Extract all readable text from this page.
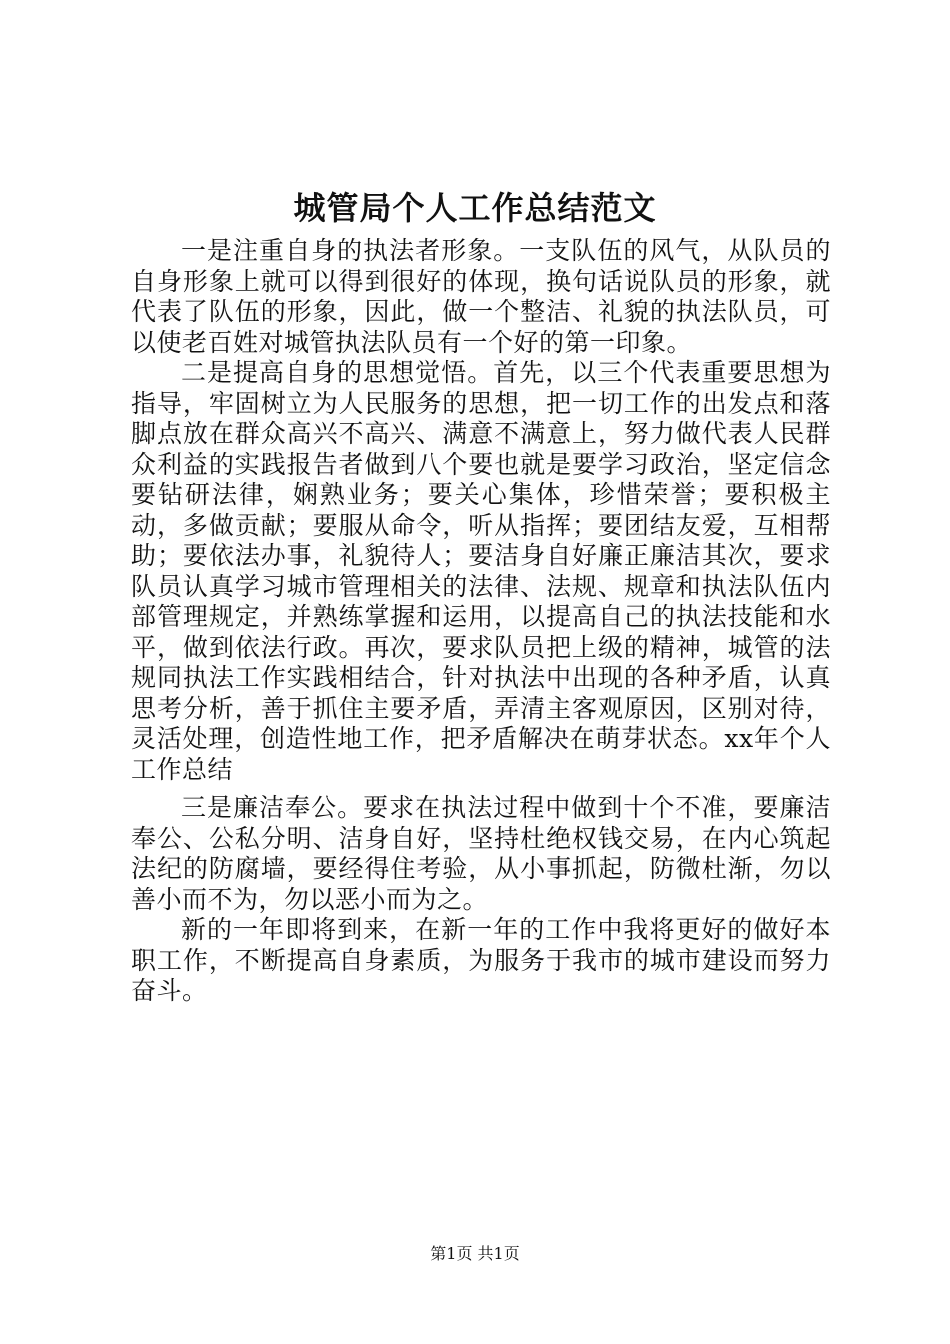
城管局个人工作总结范文

一是注重自身的执法者形象。一支队伍的风气，从队员的自身形象上就可以得到很好的体现，换句话说队员的形象，就代表了队伍的形象，因此，做一个整洁、礼貌的执法队员，可以使老百姓对城管执法队员有一个好的第一印象。

二是提高自身的思想觉悟。首先，以三个代表重要思想为指导，牢固树立为人民服务的思想，把一切工作的出发点和落脚点放在群众高兴不高兴、满意不满意上，努力做代表人民群众利益的实践报告者做到八个要也就是要学习政治，坚定信念要钻研法律，娴熟业务；要关心集体，珍惜荣誉；要积极主动，多做贡献；要服从命令，听从指挥；要团结友爱，互相帮助；要依法办事，礼貌待人；要洁身自好廉正廉洁其次，要求队员认真学习城市管理相关的法律、法规、规章和执法队伍内部管理规定，并熟练掌握和运用，以提高自己的执法技能和水平，做到依法行政。再次，要求队员把上级的精神，城管的法规同执法工作实践相结合，针对执法中出现的各种矛盾，认真思考分析，善于抓住主要矛盾，弄清主客观原因，区别对待，灵活处理，创造性地工作，把矛盾解决在萌芽状态。xx年个人工作总结

三是廉洁奉公。要求在执法过程中做到十个不准，要廉洁奉公、公私分明、洁身自好，坚持杜绝权钱交易，在内心筑起法纪的防腐墙，要经得住考验，从小事抓起，防微杜渐，勿以善小而不为，勿以恶小而为之。

新的一年即将到来，在新一年的工作中我将更好的做好本职工作，不断提高自身素质，为服务于我市的城市建设而努力奋斗。

第1页 共1页
